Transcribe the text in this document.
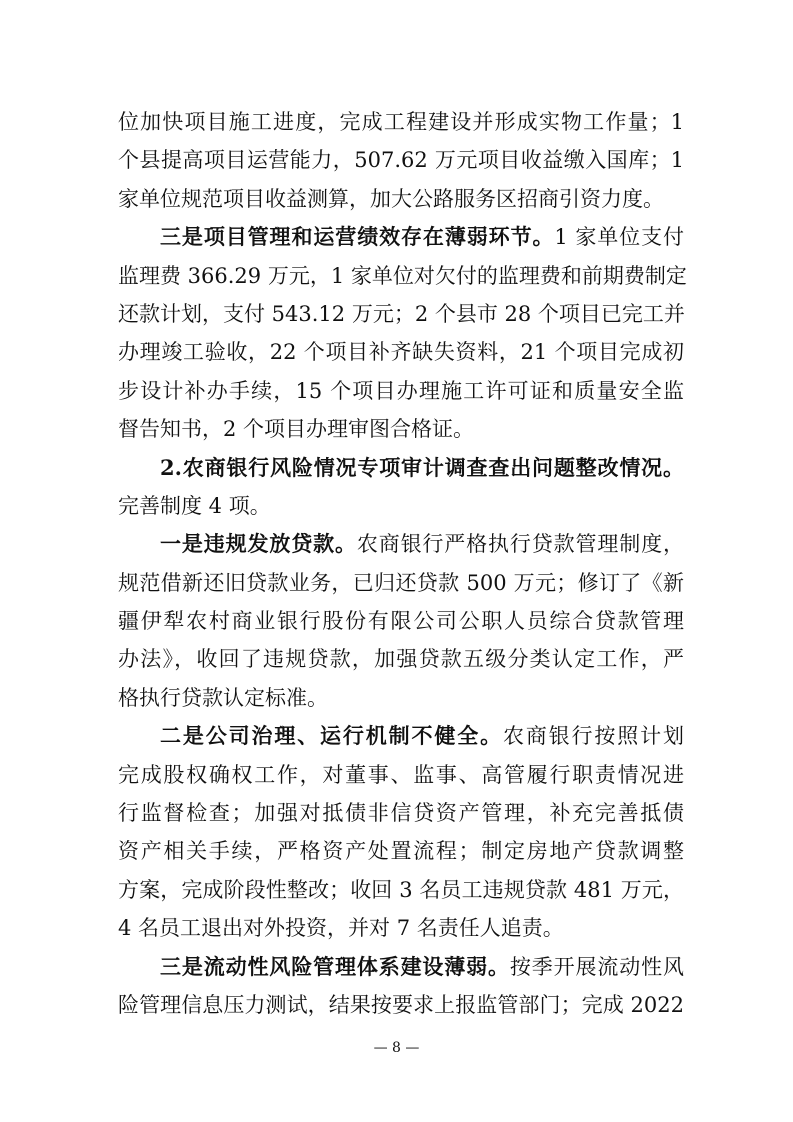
位加快项目施工进度，完成工程建设并形成实物工作量；1
个县提高项目运营能力，507.62 万元项目收益缴入国库；1
家单位规范项目收益测算，加大公路服务区招商引资力度。
三是项目管理和运营绩效存在薄弱环节。1 家单位支付
监理费 366.29 万元，1 家单位对欠付的监理费和前期费制定
还款计划，支付 543.12 万元；2 个县市 28 个项目已完工并
办理竣工验收，22 个项目补齐缺失资料，21 个项目完成初
步设计补办手续，15 个项目办理施工许可证和质量安全监
督告知书，2 个项目办理审图合格证。
2.农商银行风险情况专项审计调查查出问题整改情况。
完善制度 4 项。
一是违规发放贷款。农商银行严格执行贷款管理制度，
规范借新还旧贷款业务，已归还贷款 500 万元；修订了《新
疆伊犁农村商业银行股份有限公司公职人员综合贷款管理
办法》，收回了违规贷款，加强贷款五级分类认定工作，严
格执行贷款认定标准。
二是公司治理、运行机制不健全。农商银行按照计划
完成股权确权工作，对董事、监事、高管履行职责情况进
行监督检查；加强对抵债非信贷资产管理，补充完善抵债
资产相关手续，严格资产处置流程；制定房地产贷款调整
方案，完成阶段性整改；收回 3 名员工违规贷款 481 万元，
4 名员工退出对外投资，并对 7 名责任人追责。
三是流动性风险管理体系建设薄弱。按季开展流动性风
险管理信息压力测试，结果按要求上报监管部门；完成 2022
— 8 —
